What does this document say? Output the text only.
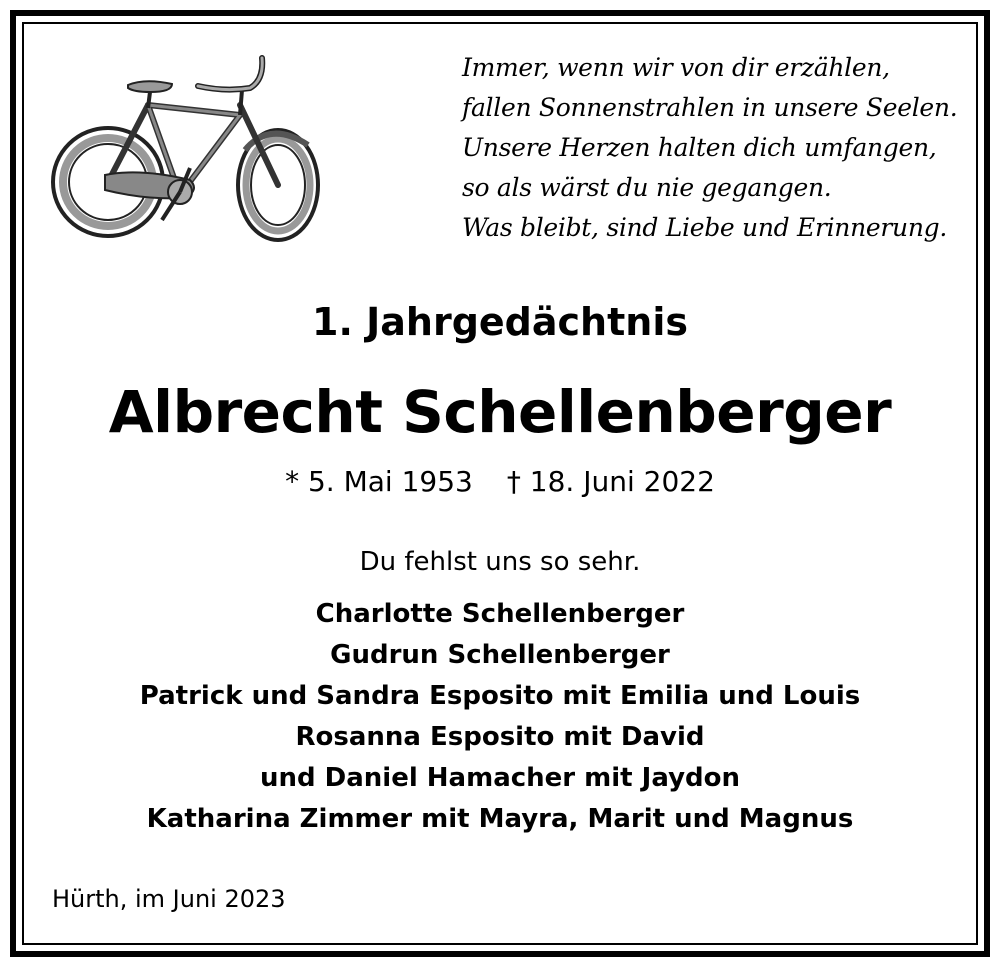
Immer, wenn wir von dir erzählen,
fallen Sonnenstrahlen in unsere Seelen.
Unsere Herzen halten dich umfangen,
so als wärst du nie gegangen.
Was bleibt, sind Liebe und Erinnerung.
1. Jahrgedächtnis
Albrecht Schellenberger
* 5. Mai 1953 † 18. Juni 2022
Du fehlst uns so sehr.
Charlotte Schellenberger
Gudrun Schellenberger
Patrick und Sandra Esposito mit Emilia und Louis
Rosanna Esposito mit David
und Daniel Hamacher mit Jaydon
Katharina Zimmer mit Mayra, Marit und Magnus
Hürth, im Juni 2023
